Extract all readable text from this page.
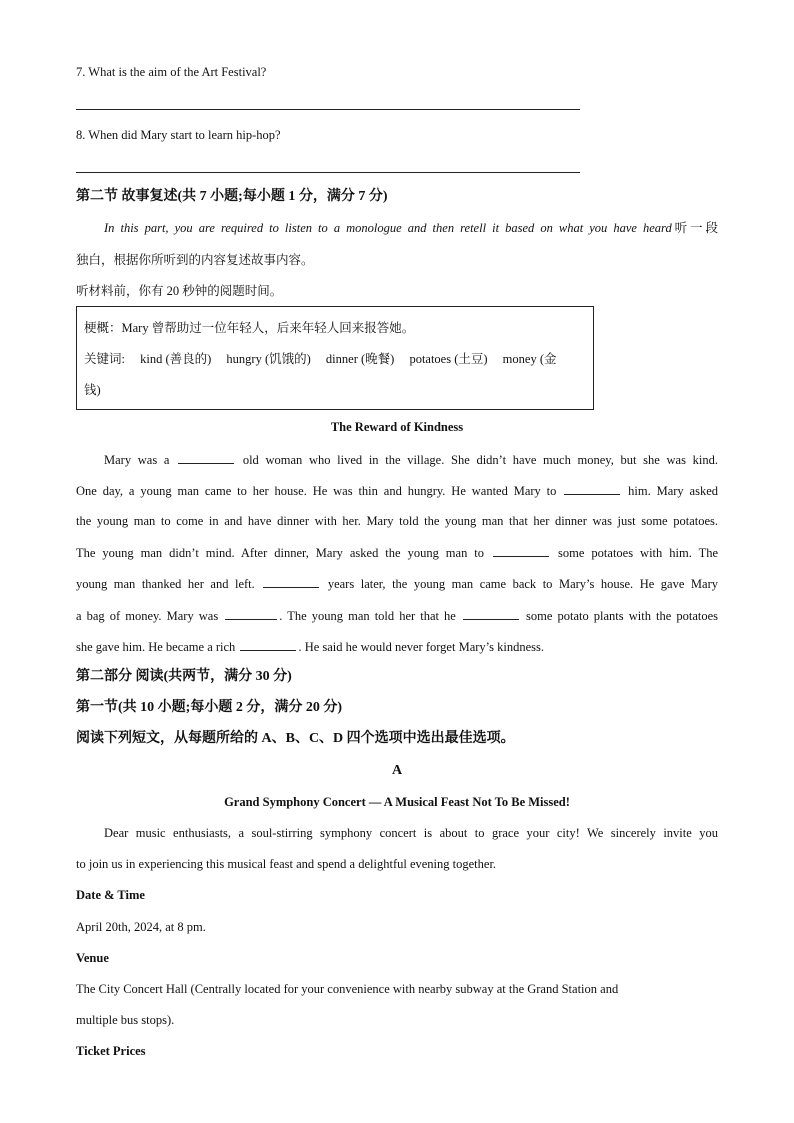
7. What is the aim of the Art Festival?
8. When did Mary start to learn hip-hop?
第二节 故事复述(共 7 小题;每小题 1 分，满分 7 分)
In this part, you are required to listen to a monologue and then retell it based on what you have heard听一段
独白，根据你所听到的内容复述故事内容。
听材料前，你有 20 秒钟的阅题时间。
梗概：Mary 曾帮助过一位年轻人，后来年轻人回来报答她。
关键词: kind (善良的) hungry (饥饿的) dinner (晚餐) potatoes (土豆) money (金
钱)
The Reward of Kindness
Mary was a	old woman who lived in the village. She didn’t have much money, but she was kind.
One day, a young man came to her house. He was thin and hungry. He wanted Mary to	him. Mary asked
the young man to come in and have dinner with her. Mary told the young man that her dinner was just some potatoes.
The young man didn’t mind. After dinner, Mary asked the young man to	some potatoes with him. The
young man thanked her and left.	years later, the young man came back to Mary’s house. He gave Mary
a bag of money. Mary was	. The young man told her that he	some potato plants with the potatoes
she gave him. He became a rich	. He said he would never forget Mary’s kindness.
第二部分 阅读(共两节，满分 30 分)
第一节(共 10 小题;每小题 2 分，满分 20 分)
阅读下列短文，从每题所给的 A、B、C、D 四个选项中选出最佳选项。
A
Grand Symphony Concert — A Musical Feast Not To Be Missed!
Dear music enthusiasts, a soul-stirring symphony concert is about to grace your city! We sincerely invite you
to join us in experiencing this musical feast and spend a delightful evening together.
Date & Time
April 20th, 2024, at 8 pm.
Venue
The City Concert Hall (Centrally located for your convenience with nearby subway at the Grand Station and
multiple bus stops).
Ticket Prices
